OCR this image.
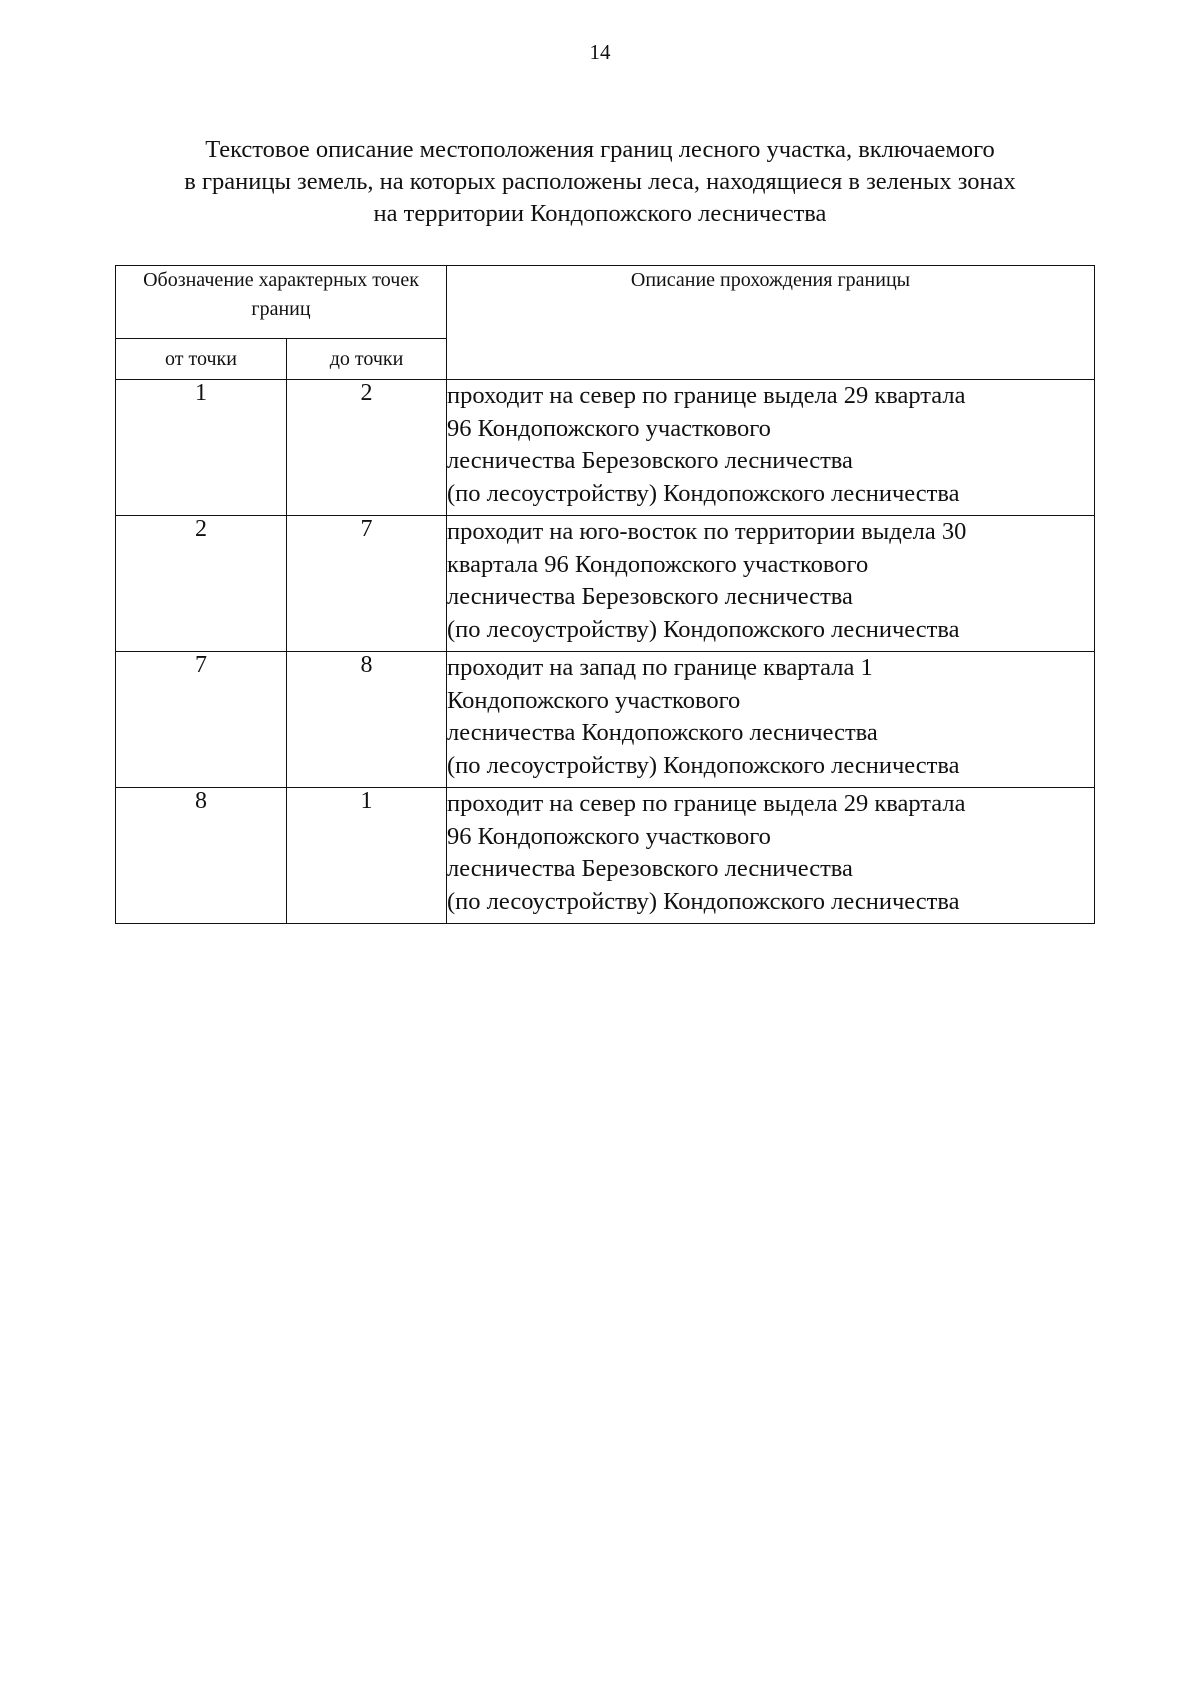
14
Текстовое описание местоположения границ лесного участка, включаемого
в границы земель, на которых расположены леса, находящиеся в зеленых зонах
на территории Кондопожского лесничества
Обозначение характерных точек границ		Описание прохождения границы
от точки	до точки	
1	2	проходит на север по границе выдела 29 квартала
96 Кондопожского участкового
лесничества Березовского лесничества
(по лесоустройству) Кондопожского лесничества

2	7	проходит на юго-восток по территории выдела 30
квартала 96 Кондопожского участкового
лесничества Березовского лесничества
(по лесоустройству) Кондопожского лесничества

7	8	проходит на запад по границе квартала 1
Кондопожского участкового
лесничества Кондопожского лесничества
(по лесоустройству) Кондопожского лесничества

8	1	проходит на север по границе выдела 29 квартала
96 Кондопожского участкового
лесничества Березовского лесничества
(по лесоустройству) Кондопожского лесничества
